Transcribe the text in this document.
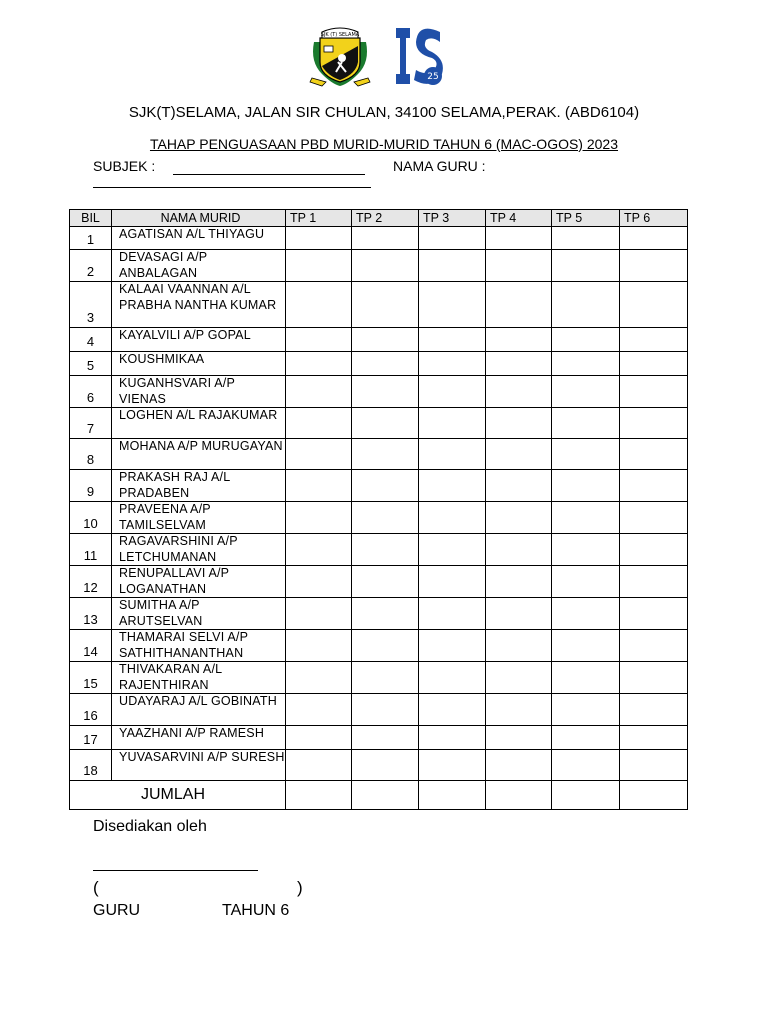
SJK (T) SELAMA
25
SJK(T)SELAMA, JALAN SIR CHULAN, 34100 SELAMA,PERAK. (ABD6104)
TAHAP PENGUASAAN PBD MURID-MURID TAHUN 6 (MAC-OGOS) 2023
SUBJEK :	NAMA GURU :
BIL	NAMA MURID	TP 1	TP 2	TP 3	TP 4	TP 5	TP 6
1	AGATISAN A/L THIYAGU						
2	DEVASAGI A/P ANBALAGAN						
3	KALAAI VAANNAN A/L PRABHA NANTHA KUMAR						
4	KAYALVILI A/P GOPAL						
5	KOUSHMIKAA						
6	KUGANHSVARI A/P VIENAS						
7	LOGHEN A/L RAJAKUMAR						
8	MOHANA A/P MURUGAYAN						
9	PRAKASH RAJ A/L PRADABEN						
10	PRAVEENA A/P TAMILSELVAM						
11	RAGAVARSHINI A/P LETCHUMANAN						
12	RENUPALLAVI A/P LOGANATHAN						
13	SUMITHA A/P ARUTSELVAN						
14	THAMARAI SELVI A/P SATHITHANANTHAN						
15	THIVAKARAN A/L RAJENTHIRAN						
16	UDAYARAJ A/L GOBINATH						
17	YAAZHANI A/P RAMESH						
18	YUVASARVINI A/P SURESH						
JUMLAH							
Disediakan oleh
(	)
GURU	TAHUN 6
